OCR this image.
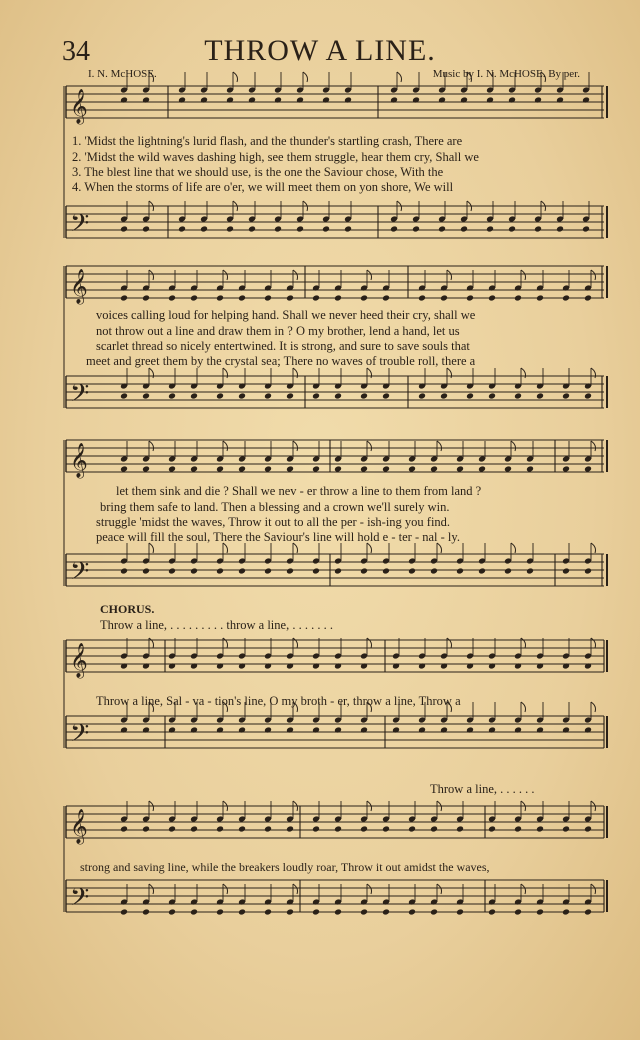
34	THROW A LINE.
I. N. McHOSE.	Music by I. N. McHOSE. By per.
𝄞
𝄢
𝄞
𝄢
𝄞
𝄢
𝄞
𝄢
𝄞
𝄢
1. 'Midst the lightning's lurid flash, and the thunder's startling crash, There are
2. 'Midst the wild waves dashing high, see them struggle, hear them cry, Shall we
3. The blest line that we should use, is the one the Saviour chose, With the
4. When the storms of life are o'er, we will meet them on yon shore, We will
voices calling loud for helping hand. Shall we never heed their cry, shall we
not throw out a line and draw them in ? O my brother, lend a hand, let us
scarlet thread so nicely entertwined. It is strong, and sure to save souls that
meet and greet them by the crystal sea; There no waves of trouble roll, there a
let them sink and die ? Shall we nev - er throw a line to them from land ?
bring them safe to land. Then a blessing and a crown we'll surely win.
struggle 'midst the waves, Throw it out to all the per - ish-ing you find.
peace will fill the soul, There the Saviour's line will hold e - ter - nal - ly.
CHORUS.
Throw a line, . . . . . . . . . throw a line, . . . . . . .
Throw a line, Sal - va - tion's line, O my broth - er, throw a line, Throw a
Throw a line, . . . . . .
strong and saving line, while the breakers loudly roar, Throw it out amidst the waves,
